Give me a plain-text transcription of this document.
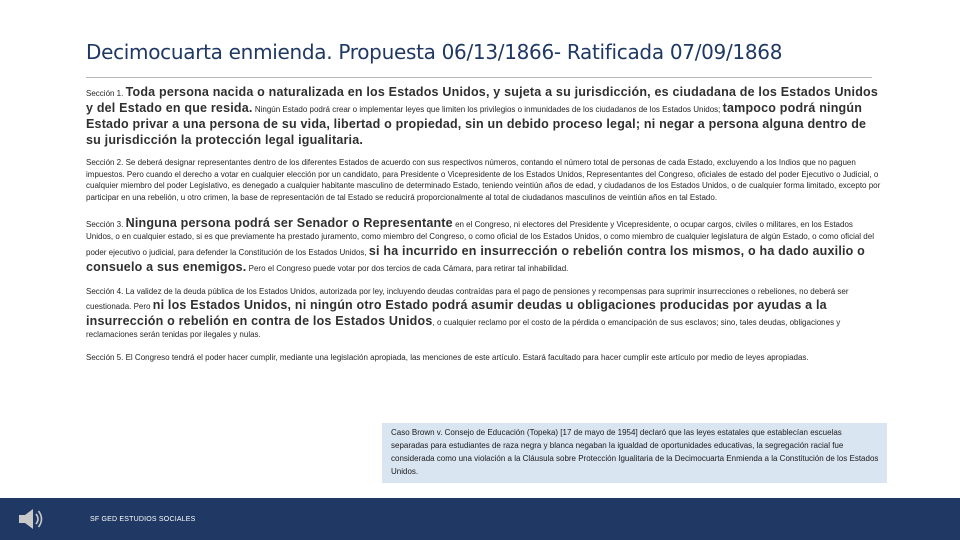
Decimocuarta enmienda. Propuesta 06/13/1866- Ratificada 07/09/1868

Sección 1. Toda persona nacida o naturalizada en los Estados Unidos, y sujeta a su jurisdicción, es ciudadana de los Estados Unidos y del Estado en que resida. Ningún Estado podrá crear o implementar leyes que limiten los privilegios o inmunidades de los ciudadanos de los Estados Unidos; tampoco podrá ningún Estado privar a una persona de su vida, libertad o propiedad, sin un debido proceso legal; ni negar a persona alguna dentro de su jurisdicción la protección legal igualitaria.

Sección 2. Se deberá designar representantes dentro de los diferentes Estados de acuerdo con sus respectivos números, contando el número total de personas de cada Estado, excluyendo a los Indios que no paguen impuestos. Pero cuando el derecho a votar en cualquier elección por un candidato, para Presidente o Vicepresidente de los Estados Unidos, Representantes del Congreso, oficiales de estado del poder Ejecutivo o Judicial, o cualquier miembro del poder Legislativo, es denegado a cualquier habitante masculino de determinado Estado, teniendo veintiún años de edad, y ciudadanos de los Estados Unidos, o de cualquier forma limitado, excepto por participar en una rebelión, u otro crimen, la base de representación de tal Estado se reducirá proporcionalmente al total de ciudadanos masculinos de veintiún años en tal Estado.

Sección 3. Ninguna persona podrá ser Senador o Representante en el Congreso, ni electores del Presidente y Vicepresidente, o ocupar cargos, civiles o militares, en los Estados Unidos, o en cualquier estado, si es que previamente ha prestado juramento, como miembro del Congreso, o como oficial de los Estados Unidos, o como miembro de cualquier legislatura de algún Estado, o como oficial del poder ejecutivo o judicial, para defender la Constitución de los Estados Unidos, si ha incurrido en insurrección o rebelión contra los mismos, o ha dado auxilio o consuelo a sus enemigos. Pero el Congreso puede votar por dos tercios de cada Cámara, para retirar tal inhabilidad.

Sección 4. La validez de la deuda pública de los Estados Unidos, autorizada por ley, incluyendo deudas contraídas para el pago de pensiones y recompensas para suprimir insurrecciones o rebeliones, no deberá ser cuestionada. Pero ni los Estados Unidos, ni ningún otro Estado podrá asumir deudas u obligaciones producidas por ayudas a la insurrección o rebelión en contra de los Estados Unidos, o cualquier reclamo por el costo de la pérdida o emancipación de sus esclavos; sino, tales deudas, obligaciones y reclamaciones serán tenidas por ilegales y nulas.

Sección 5. El Congreso tendrá el poder hacer cumplir, mediante una legislación apropiada, las menciones de este artículo. Estará facultado para hacer cumplir este artículo por medio de leyes apropiadas.

Caso Brown v. Consejo de Educación (Topeka) [17 de mayo de 1954] declaró que las leyes estatales que establecían escuelas separadas para estudiantes de raza negra y blanca negaban la igualdad de oportunidades educativas, la segregación racial fue considerada como una violación a la Cláusula sobre Protección Igualitaria de la Decimocuarta Enmienda a la Constitución de los Estados Unidos.
SF GED ESTUDIOS SOCIALES
